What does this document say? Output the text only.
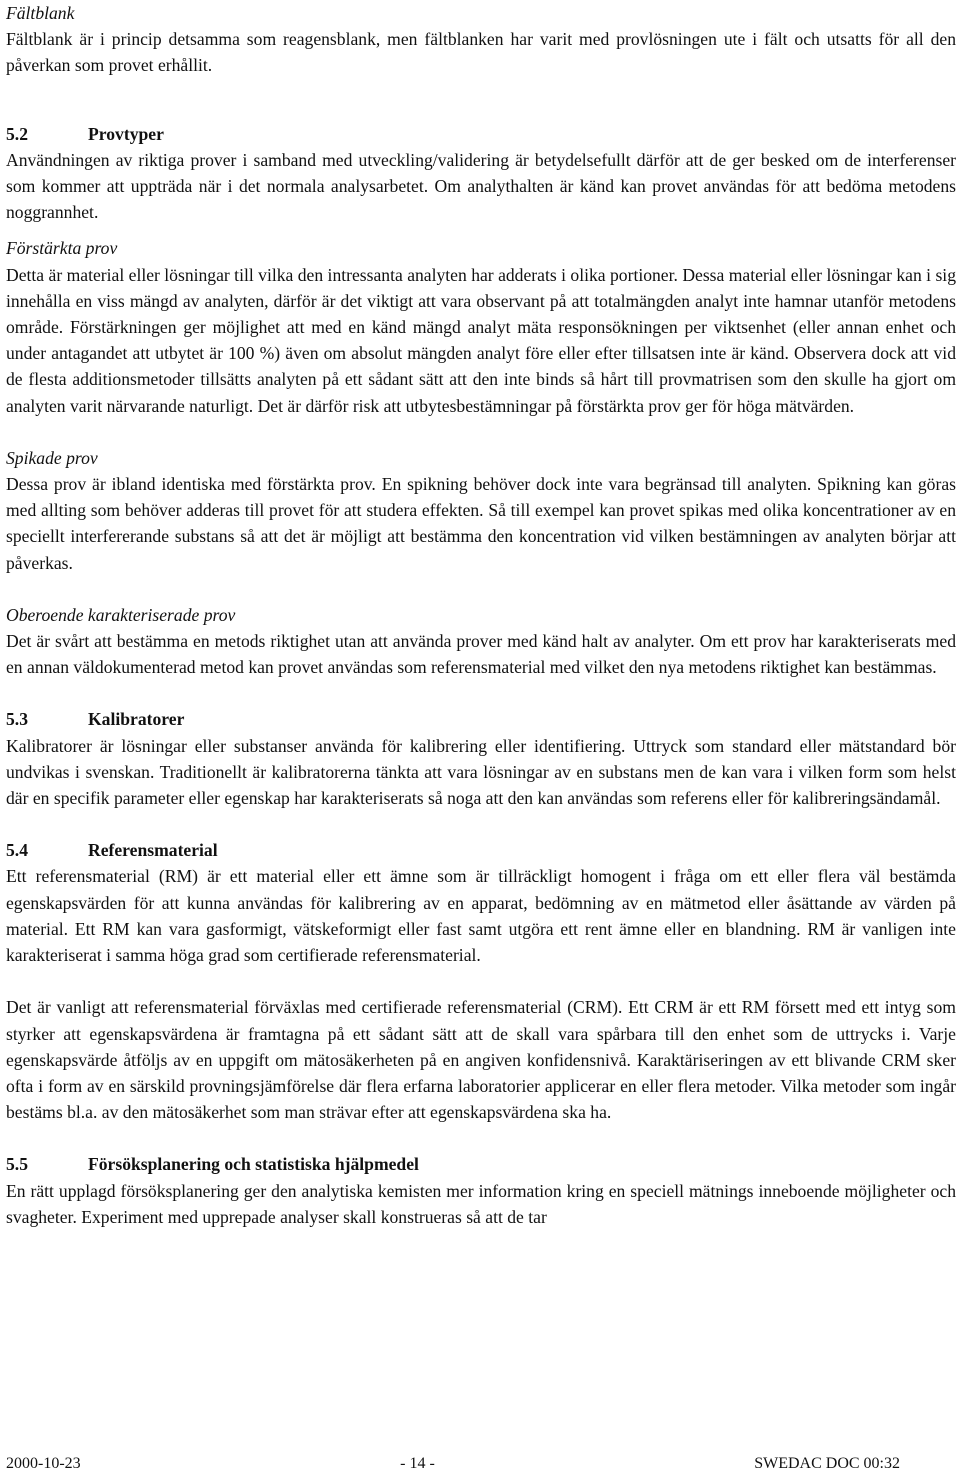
Fältblank

Fältblank är i princip detsamma som reagensblank, men fältblanken har varit med provlösningen ute i fält och utsatts för all den påverkan som provet erhållit.

5.2	Provtyper

Användningen av riktiga prover i samband med utveckling/validering är betydelsefullt därför att de ger besked om de interferenser som kommer att uppträda när i det normala analysarbetet. Om analythalten är känd kan provet användas för att bedöma metodens noggrannhet.

Förstärkta prov

Detta är material eller lösningar till vilka den intressanta analyten har adderats i olika portioner. Dessa material eller lösningar kan i sig innehålla en viss mängd av analyten, därför är det viktigt att vara observant på att totalmängden analyt inte hamnar utanför metodens område. Förstärkningen ger möjlighet att med en känd mängd analyt mäta responsökningen per viktsenhet (eller annan enhet och under antagandet att utbytet är 100 %) även om absolut mängden analyt före eller efter tillsatsen inte är känd. Observera dock att vid de flesta additionsmetoder tillsätts analyten på ett sådant sätt att den inte binds så hårt till provmatrisen som den skulle ha gjort om analyten varit närvarande naturligt. Det är därför risk att utbytesbestämningar på förstärkta prov ger för höga mätvärden.

Spikade prov

Dessa prov är ibland identiska med förstärkta prov. En spikning behöver dock inte vara begränsad till analyten. Spikning kan göras med allting som behöver adderas till provet för att studera effekten. Så till exempel kan provet spikas med olika koncentrationer av en speciellt interfererande substans så att det är möjligt att bestämma den koncentration vid vilken bestämningen av analyten börjar att påverkas.

Oberoende karakteriserade prov

Det är svårt att bestämma en metods riktighet utan att använda prover med känd halt av analyter. Om ett prov har karakteriserats med en annan väldokumenterad metod kan provet användas som referensmaterial med vilket den nya metodens riktighet kan bestämmas.

5.3	Kalibratorer

Kalibratorer är lösningar eller substanser använda för kalibrering eller identifiering. Uttryck som standard eller mätstandard bör undvikas i svenskan. Traditionellt är kalibratorerna tänkta att vara lösningar av en substans men de kan vara i vilken form som helst där en specifik parameter eller egenskap har karakteriserats så noga att den kan användas som referens eller för kalibreringsändamål.

5.4	Referensmaterial

Ett referensmaterial (RM) är ett material eller ett ämne som är tillräckligt homogent i fråga om ett eller flera väl bestämda egenskapsvärden för att kunna användas för kalibrering av en apparat, bedömning av en mätmetod eller åsättande av värden på material. Ett RM kan vara gasformigt, vätskeformigt eller fast samt utgöra ett rent ämne eller en blandning. RM är vanligen inte karakteriserat i samma höga grad som certifierade referensmaterial.

Det är vanligt att referensmaterial förväxlas med certifierade referensmaterial (CRM). Ett CRM är ett RM försett med ett intyg som styrker att egenskapsvärdena är framtagna på ett sådant sätt att de skall vara spårbara till den enhet som de uttrycks i. Varje egenskapsvärde åtföljs av en uppgift om mätosäkerheten på en angiven konfidensnivå. Karaktäriseringen av ett blivande CRM sker ofta i form av en särskild provningsjämförelse där flera erfarna laboratorier applicerar en eller flera metoder. Vilka metoder som ingår bestäms bl.a. av den mätosäkerhet som man strävar efter att egenskapsvärdena ska ha.

5.5	Försöksplanering och statistiska hjälpmedel

En rätt upplagd försöksplanering ger den analytiska kemisten mer information kring en speciell mätnings inneboende möjligheter och svagheter. Experiment med upprepade analyser skall konstrueras så att de tar

2000-10-23	- 14 -	SWEDAC DOC 00:32
